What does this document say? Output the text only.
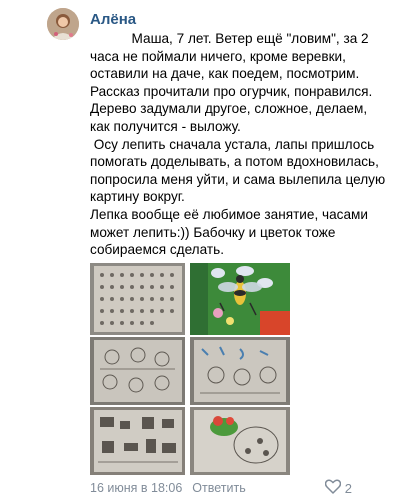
Алёна
Маша, 7 лет. Ветер ещё "ловим", за 2 часа не поймали ничего, кроме веревки, оставили на даче, как поедем, посмотрим.
Рассказ прочитали про огурчик, понравился. Дерево задумали другое, сложное, делаем, как получится - выложу.
Осу лепить сначала устала, лапы пришлось помогать доделывать, а потом вдохновилась, попросила меня уйти, и сама вылепила целую картину вокруг.
Лепка вообще её любимое занятие, часами может лепить:)) Бабочку и цветок тоже собираемся сделать.
16 июня в 18:06 Ответить	2
